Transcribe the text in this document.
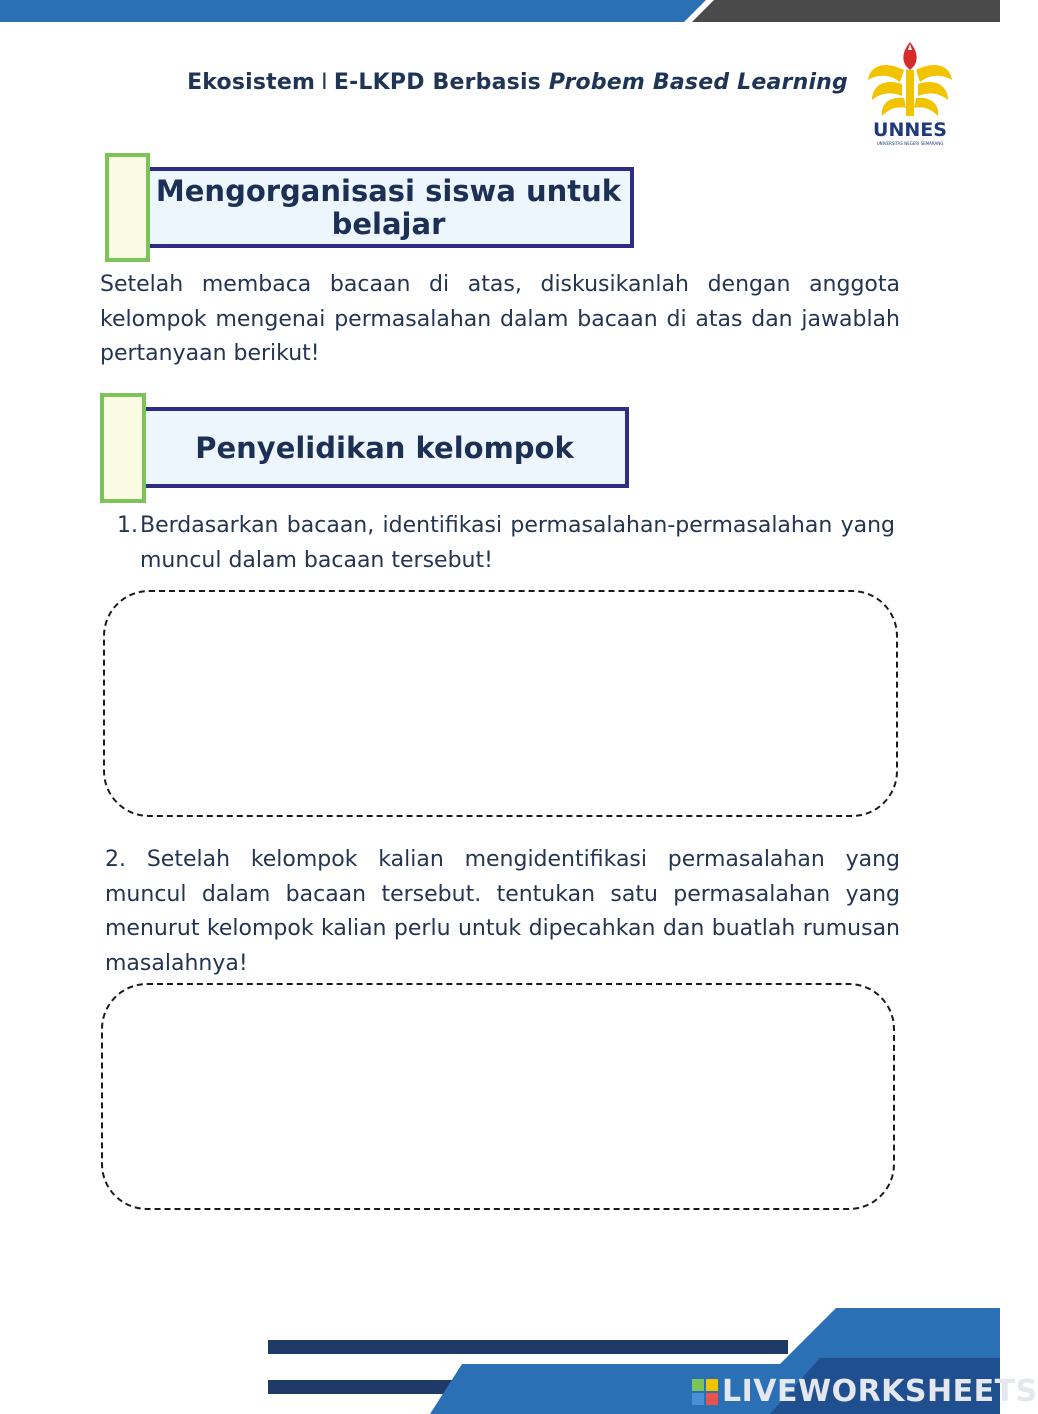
Ekosistem I E-LKPD Berbasis Probem Based Learning
UNNES
UNIVERSITAS NEGERI SEMARANG
Mengorganisasi siswa untuk
belajar
Setelah membaca bacaan di atas, diskusikanlah dengan anggota kelompok mengenai permasalahan dalam bacaan di atas dan jawablah pertanyaan berikut!
Penyelidikan kelompok
1. Berdasarkan bacaan, identifikasi permasalahan-permasalahan yang muncul dalam bacaan tersebut!
2. Setelah kelompok kalian mengidentifikasi permasalahan yang muncul dalam bacaan tersebut. tentukan satu permasalahan yang menurut kelompok kalian perlu untuk dipecahkan dan buatlah rumusan masalahnya!
LIVEWORKSHEETS
